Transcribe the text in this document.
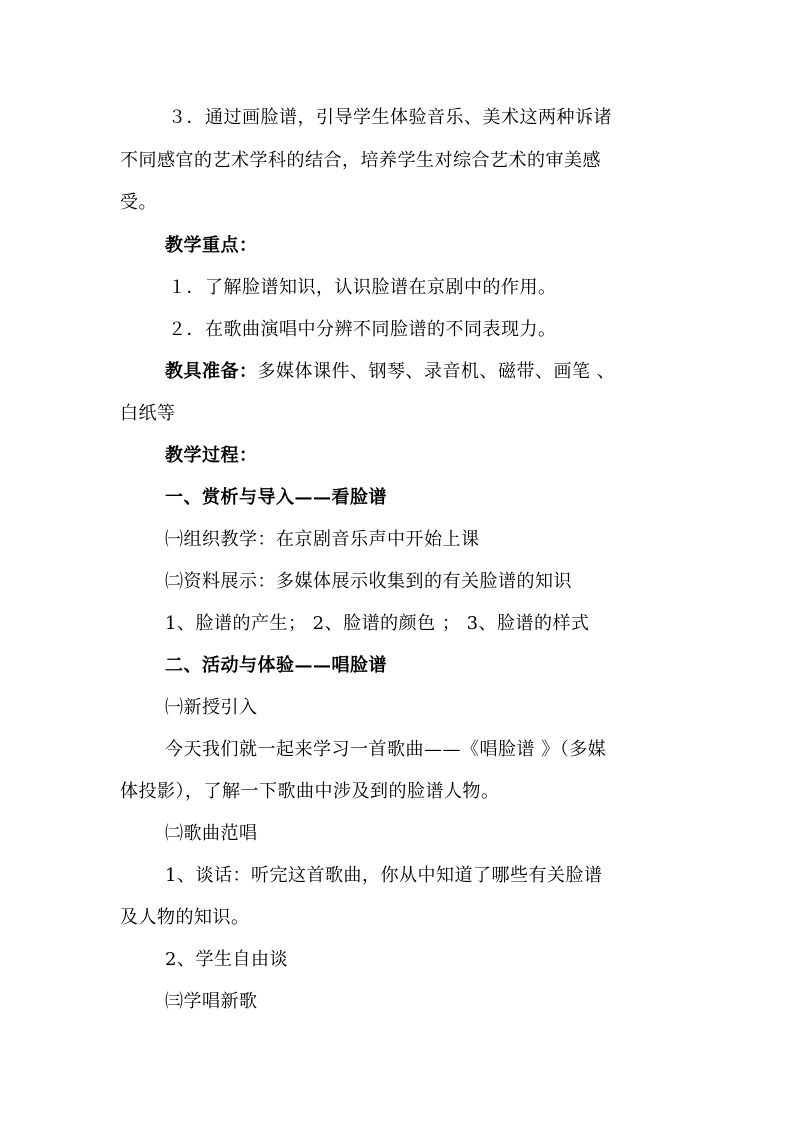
３．通过画脸谱，引导学生体验音乐、美术这两种诉诸
不同感官的艺术学科的结合，培养学生对综合艺术的审美感
受。
教学重点：
１．了解脸谱知识，认识脸谱在京剧中的作用。
２．在歌曲演唱中分辨不同脸谱的不同表现力。
教具准备：多媒体课件、钢琴、录音机、磁带、画笔 、
白纸等
教学过程：
一、赏析与导入——看脸谱
㈠组织教学：在京剧音乐声中开始上课
㈡资料展示：多媒体展示收集到的有关脸谱的知识
1、脸谱的产生； 2、脸谱的颜色 ； 3、脸谱的样式
二、活动与体验——唱脸谱
㈠新授引入
今天我们就一起来学习一首歌曲——《唱脸谱 》（多媒
体投影），了解一下歌曲中涉及到的脸谱人物。
㈡歌曲范唱
1、谈话：听完这首歌曲，你从中知道了哪些有关脸谱
及人物的知识。
2、学生自由谈
㈢学唱新歌
